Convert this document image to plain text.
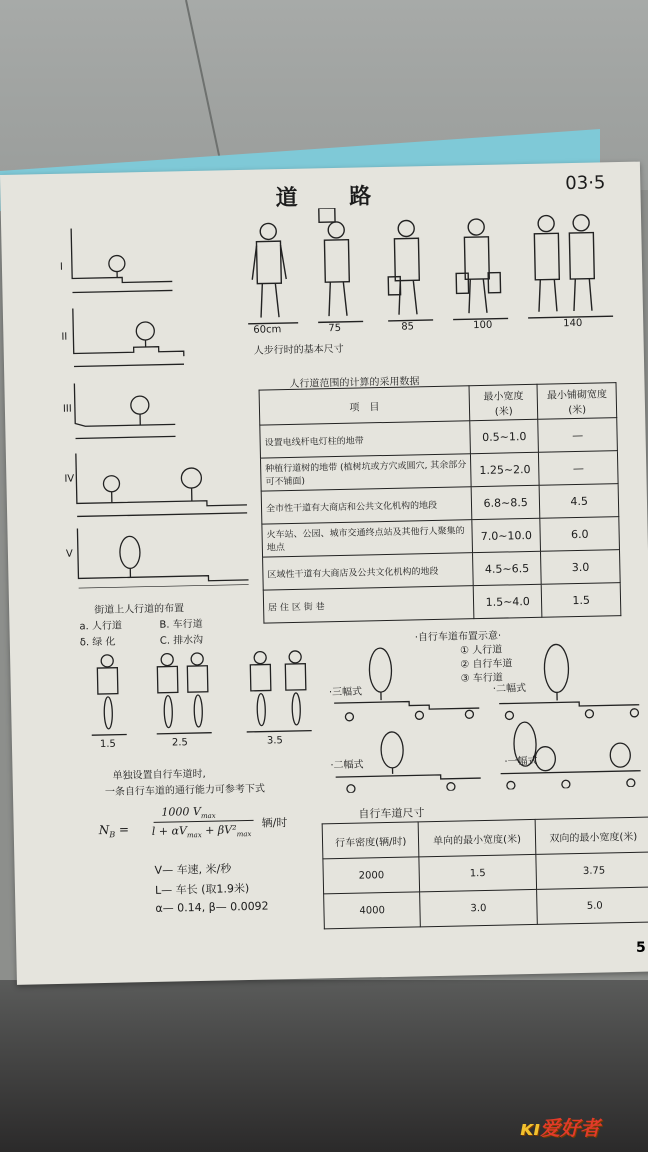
道 路	03·5
60cm	75	85	100	140
人步行时的基本尺寸
I
II
III
IV
V
街道上人行道的布置
a. 人行道	B. 车行道
δ. 绿 化	C. 排水沟
人行道范围的计算的采用数据
项　目	最小宽度 (米)	最小铺砌宽度 (米)
设置电线杆电灯柱的地带	0.5~1.0	—
种植行道树的地带 (植树坑或方穴或圆穴, 其余部分可不铺面)	1.25~2.0	—
全市性干道有大商店和公共文化机构的地段	6.8~8.5	4.5
火车站、公园、城市交通终点站及其他行人聚集的地点	7.0~10.0	6.0
区域性干道有大商店及公共文化机构的地段	4.5~6.5	3.0
居 住 区 街 巷	1.5~4.0	1.5
1.5	2.5	3.5
·自行车道布置示意·
① 人行道
② 自行车道
③ 车行道
·三幅式	·二幅式
·二幅式	·一幅式
单独设置自行车道时,
一条自行车道的通行能力可参考下式
$N_B$ =
1000 $V_{max}$
$l + \alpha V_{max} + \beta V^2_{max}$
辆/时
V— 车速, 米/秒
L— 车长 (取1.9米)
α— 0.14, β— 0.0092
自行车道尺寸
行车密度(辆/时)	单向的最小宽度(米)	双向的最小宽度(米)
2000	1.5	3.75
4000	3.0	5.0
5
ĸı爱好者
